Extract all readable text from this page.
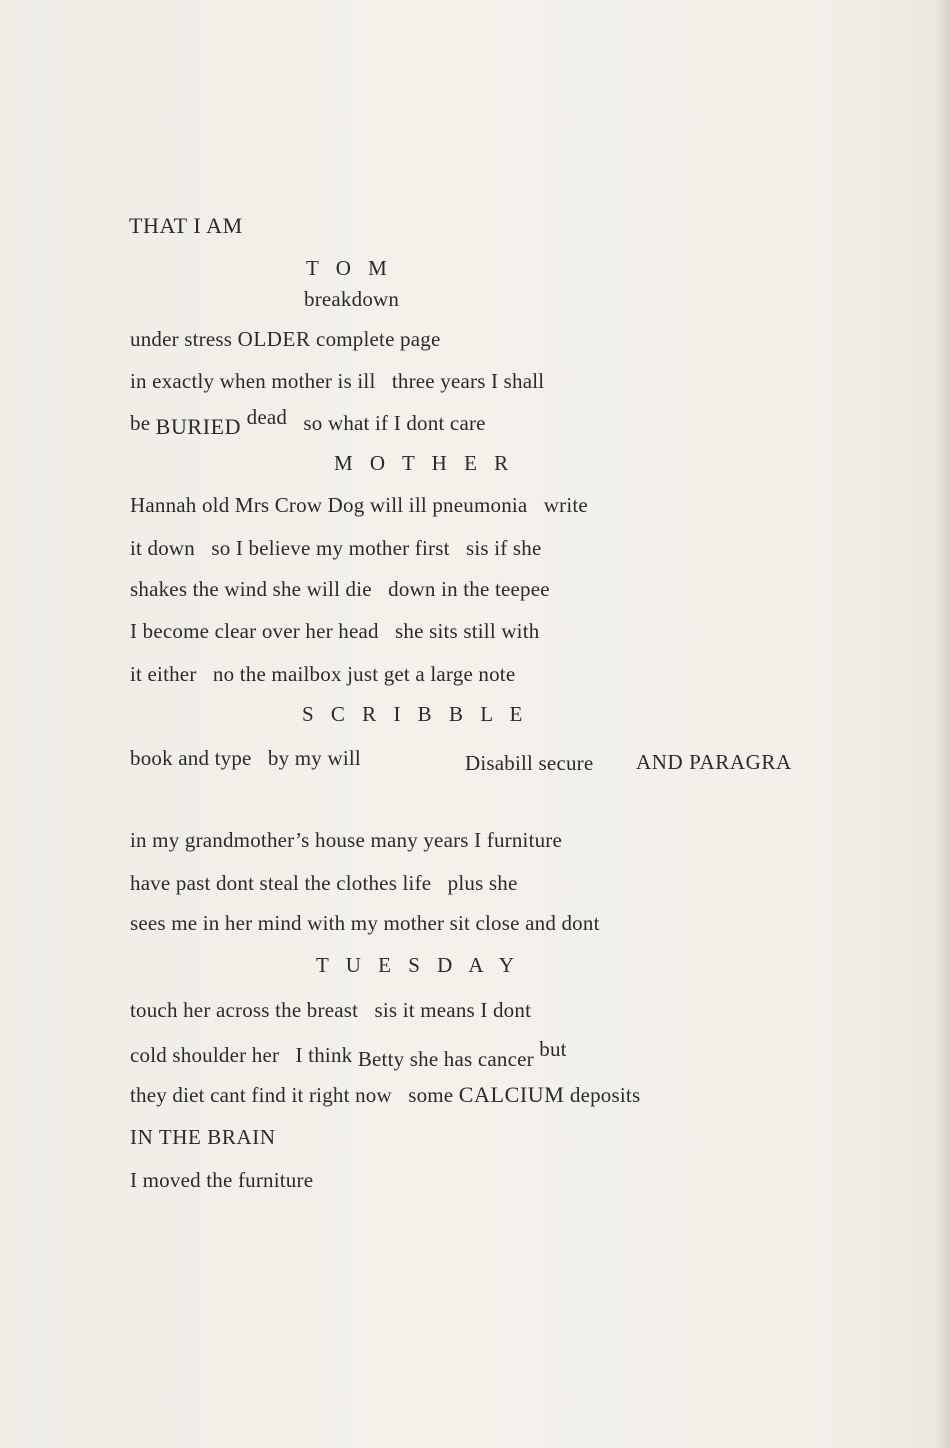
THAT I AM
T O M
breakdown
under stress OLDER complete page
in exactly when mother is ill   three years I shall
be BURIED dead   so what if I dont care
M O T H E R
Hannah old Mrs Crow Dog will ill pneumonia   write
it down   so I believe my mother first   sis if she
shakes the wind she will die   down in the teepee
I become clear over her head   she sits still with
it either   no the mailbox just get a large note
S C R I B B L E
book and type   by my will	Disabill secure AND PARAGRA
in my grandmother’s house many years I furniture
have past dont steal the clothes life   plus she
sees me in her mind with my mother sit close and dont
T U E S D A Y
touch her across the breast   sis it means I dont
cold shoulder her   I think Betty she has cancer but
they diet cant find it right now   some CALCIUM deposits
IN THE BRAIN
I moved the furniture
